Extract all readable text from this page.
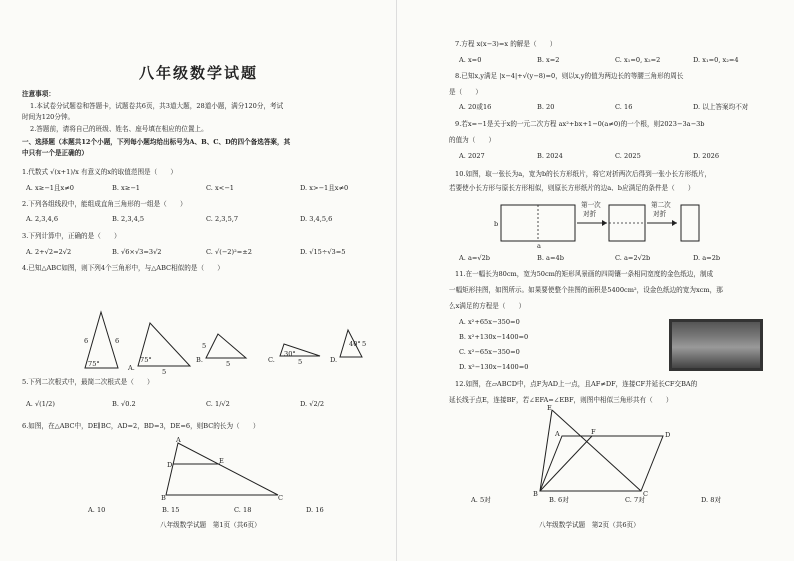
八年级数学试题
注意事项：
1.本试卷分试题卷和答题卡，试题卷共6页，共3道大题，28道小题，满分120分，考试
时间为120分钟。
2.答题前，请将自己的班级、姓名、座号填在相应的位置上。
一、选择题（本题共12个小题，下列每小题均给出标号为A、B、C、D的四个备选答案，其
中只有一个是正确的）
1.代数式 √(x+1)/x 有意义的x的取值范围是（　　）
A. x≥−1且x≠0	B. x≥−1	C. x<−1	D. x>−1且x≠0
2.下列各组线段中，能组成直角三角形的一组是（　　）
A. 2,3,4,6	B. 2,3,4,5	C. 2,3,5,7	D. 3,4,5,6
3.下列计算中，正确的是（　　）
A. 2+√2=2√2	B. √6×√3=3√2	C. √(−2)²=±2	D. √15÷√3=5
4.已知△ABC如图，则下列4个三角形中，与△ABC相似的是（　　）
6	6
75°
5
75°	5
5
30°
5
40° 5
A.
B.	C.	D.
5.下列二次根式中，最简二次根式是（　　）
A. √(1/2)	B. √0.2	C. 1/√2	D. √2/2
6.如图，在△ABC中，DE∥BC，AD=2，BD=3，DE=6，则BC的长为（　　）
A
D	E
B	C
A. 10	B. 15	C. 18	D. 16
八年级数学试题　第1页（共6页）
7.方程 x(x−3)=x 的解是（　　）
A. x=0	B. x=2	C. x₁=0, x₂=2	D. x₁=0, x₂=4
8.已知x,y满足 |x−4|+√(y−8)=0，则以x,y的值为两边长的等腰三角形的周长
是（　　）
A. 20或16	B. 20	C. 16	D. 以上答案均不对
9.若x=−1是关于x的一元二次方程 ax²+bx+1−0(a≠0)的一个根，则2023−3a−3b
的值为（　　）
A. 2027	B. 2024	C. 2025	D. 2026
10.如图，取一张长为a，宽为b的长方形纸片，将它对折两次后得到一张小长方形纸片，
若要使小长方形与原长方形相似，则原长方形纸片的边a、b应满足的条件是（　　）
第一次
对折
第二次
对折
b
a
A. a=√2b	B. a=4b	C. a=2√2b	D. a=2b
11.在一幅长为80cm，宽为50cm的矩形风景画的四周镶一条相同宽度的金色纸边，制成
一幅矩形挂图，如图所示。如果要使整个挂图的面积是5400cm²，设金色纸边的宽为xcm，那
么x满足的方程是（　　）
A. x²+65x−350=0
B. x²+130x−1400=0
C. x²−65x−350=0
D. x²−130x−1400=0
12.如图，在▱ABCD中，点F为AD上一点，且AF≠DF，连接CF并延长CF交BA的
延长线于点E，连接BF，若∠EFA=∠EBF，则图中相似三角形共有（　　）
E
A	F	D
B	C
A. 5对	B. 6对	C. 7对	D. 8对
八年级数学试题　第2页（共6页）
